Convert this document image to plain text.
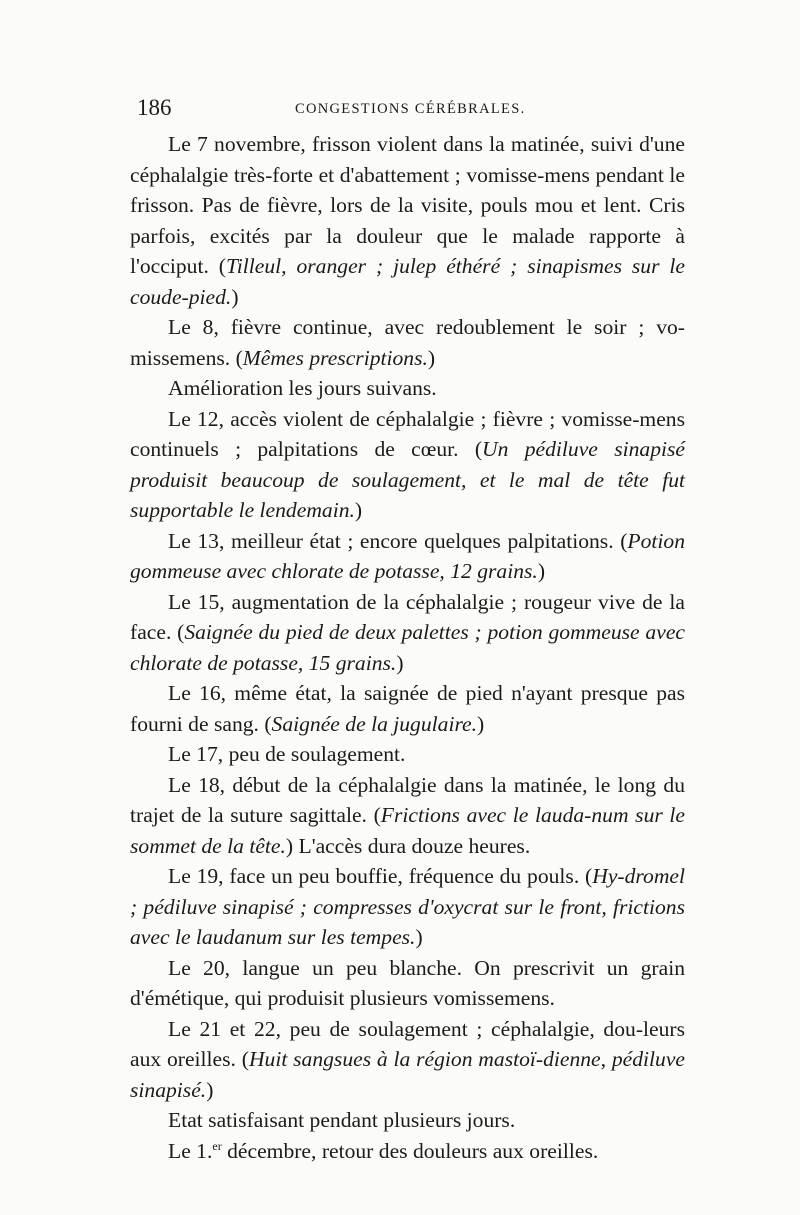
186	CONGESTIONS CÉRÉBRALES.

Le 7 novembre, frisson violent dans la matinée, suivi d'une céphalalgie très-forte et d'abattement ; vomisse-mens pendant le frisson. Pas de fièvre, lors de la visite, pouls mou et lent. Cris parfois, excités par la douleur que le malade rapporte à l'occiput. (Tilleul, oranger ; julep éthéré ; sinapismes sur le coude-pied.)

Le 8, fièvre continue, avec redoublement le soir ; vo-missemens. (Mêmes prescriptions.)

Amélioration les jours suivans.

Le 12, accès violent de céphalalgie ; fièvre ; vomisse-mens continuels ; palpitations de cœur. (Un pédiluve sinapisé produisit beaucoup de soulagement, et le mal de tête fut supportable le lendemain.)

Le 13, meilleur état ; encore quelques palpitations. (Potion gommeuse avec chlorate de potasse, 12 grains.)

Le 15, augmentation de la céphalalgie ; rougeur vive de la face. (Saignée du pied de deux palettes ; potion gommeuse avec chlorate de potasse, 15 grains.)

Le 16, même état, la saignée de pied n'ayant presque pas fourni de sang. (Saignée de la jugulaire.)

Le 17, peu de soulagement.

Le 18, début de la céphalalgie dans la matinée, le long du trajet de la suture sagittale. (Frictions avec le lauda-num sur le sommet de la tête.) L'accès dura douze heures.

Le 19, face un peu bouffie, fréquence du pouls. (Hy-dromel ; pédiluve sinapisé ; compresses d'oxycrat sur le front, frictions avec le laudanum sur les tempes.)

Le 20, langue un peu blanche. On prescrivit un grain d'émétique, qui produisit plusieurs vomissemens.

Le 21 et 22, peu de soulagement ; céphalalgie, dou-leurs aux oreilles. (Huit sangsues à la région mastoï-dienne, pédiluve sinapisé.)

Etat satisfaisant pendant plusieurs jours.

Le 1.$^{er}$ décembre, retour des douleurs aux oreilles.
